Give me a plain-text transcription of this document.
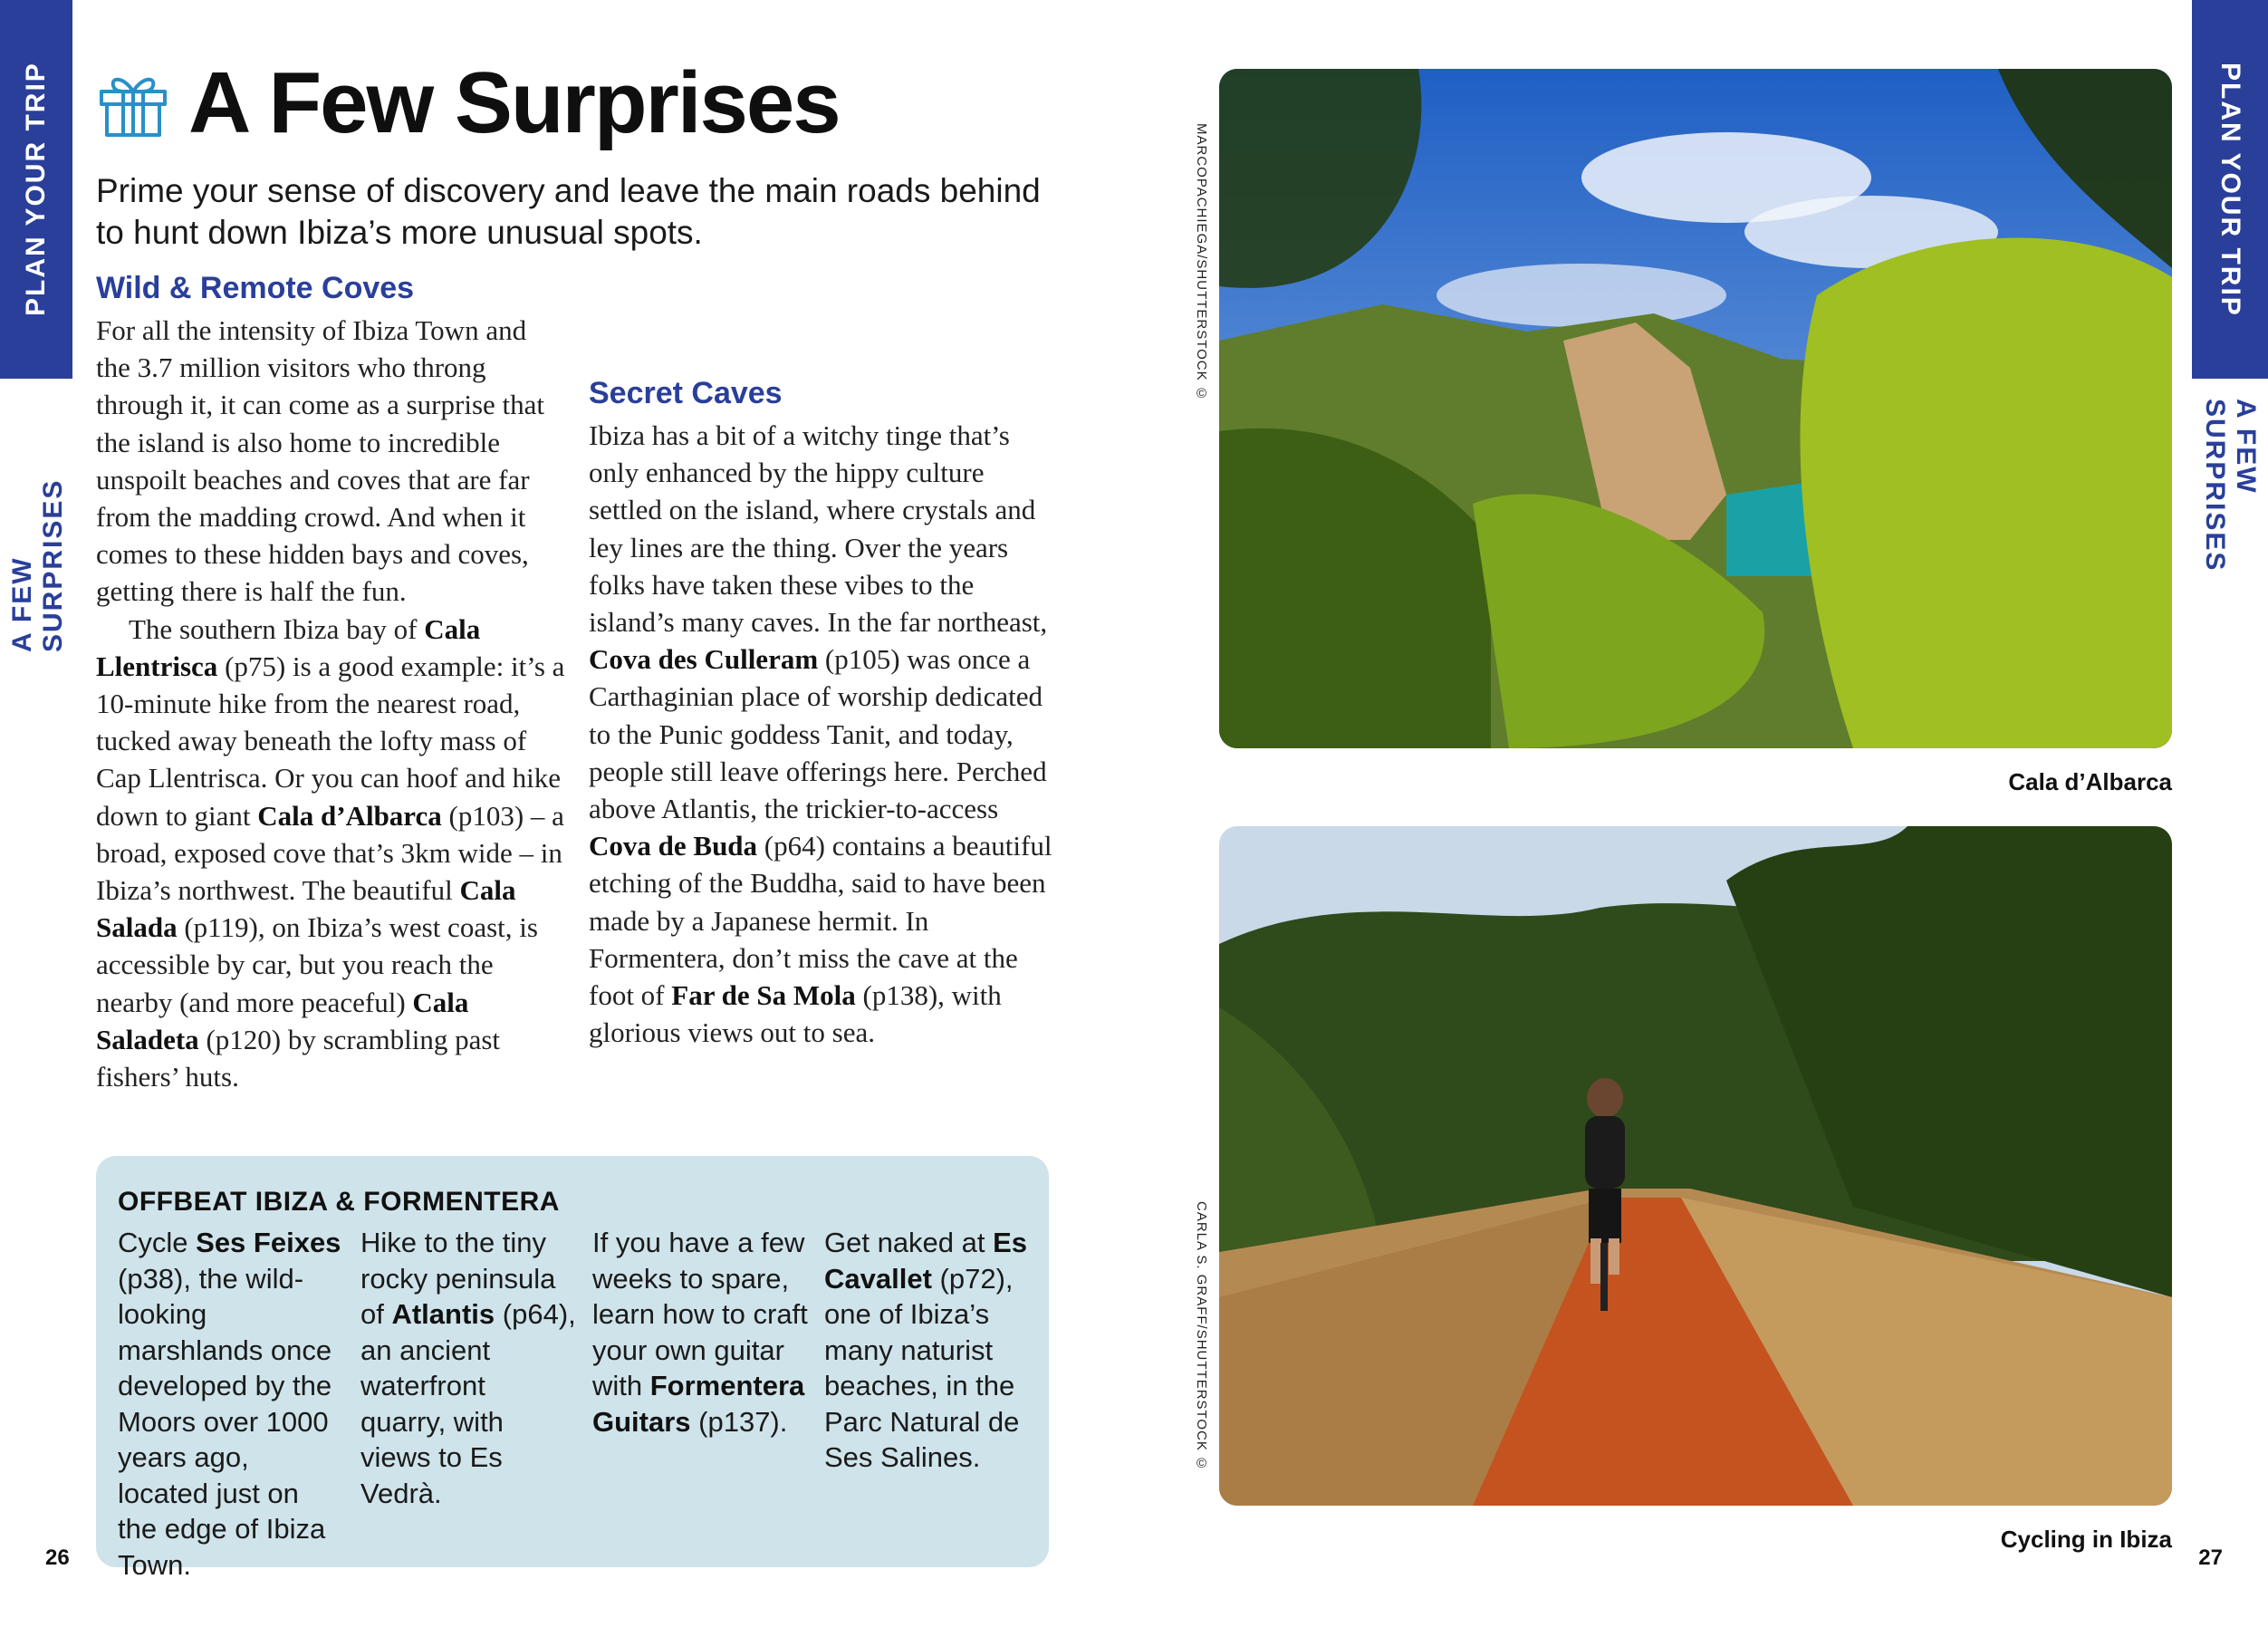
PLAN YOUR TRIP
A FEW SURPRISES
PLAN YOUR TRIP
A FEW SURPRISES
A Few Surprises
Prime your sense of discovery and leave the main roads behind to hunt down Ibiza’s more unusual spots.
Wild & Remote Coves

For all the intensity of Ibiza Town and the 3.7 million visitors who throng through it, it can come as a surprise that the island is also home to incredible unspoilt beaches and coves that are far from the madding crowd. And when it comes to these hidden bays and coves, getting there is half the fun.

The southern Ibiza bay of Cala Llentrisca (p75) is a good example: it’s a 10-minute hike from the nearest road, tucked away beneath the lofty mass of Cap Llentrisca. Or you can hoof and hike down to giant Cala d’Albarca (p103) – a broad, exposed cove that’s 3km wide – in Ibiza’s northwest. The beautiful Cala Salada (p119), on Ibiza’s west coast, is accessible by car, but you reach the nearby (and more peaceful) Cala Saladeta (p120) by scrambling past fishers’ huts.

Secret Caves

Ibiza has a bit of a witchy tinge that’s only enhanced by the hippy culture settled on the island, where crystals and ley lines are the thing. Over the years folks have taken these vibes to the island’s many caves. In the far northeast, Cova des Culleram (p105) was once a Carthaginian place of worship dedicated to the Punic goddess Tanit, and today, people still leave offerings here. Perched above Atlantis, the trickier-to-access Cova de Buda (p64) contains a beautiful etching of the Buddha, said to have been made by a Japanese hermit. In Formentera, don’t miss the cave at the foot of Far de Sa Mola (p138), with glorious views out to sea.

OFFBEAT IBIZA & FORMENTERA
Cycle Ses Feixes (p38), the wild-looking marshlands once developed by the Moors over 1000 years ago, located just on the edge of Ibiza Town.
Hike to the tiny rocky peninsula of Atlantis (p64), an ancient waterfront quarry, with views to Es Vedrà.
If you have a few weeks to spare, learn how to craft your own guitar with Formentera Guitars (p137).
Get naked at Es Cavallet (p72), one of Ibiza’s many naturist beaches, in the Parc Natural de Ses Salines.
26	27
MARCOPACHIEGA/SHUTTERSTOCK ©
Cala d’Albarca
CARLA S. GRAFF/SHUTTERSTOCK ©
Cycling in Ibiza
